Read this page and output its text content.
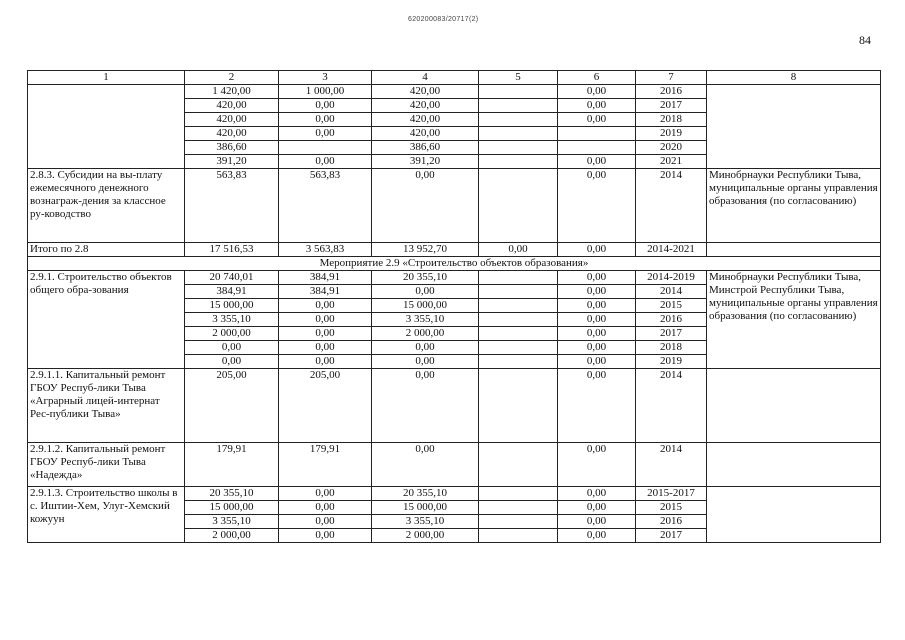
620200083/20717(2)
84
1	2	3	4	5	6	7	8
	1 420,00	1 000,00	420,00		0,00	2016	
	420,00	0,00	420,00		0,00	2017	
	420,00	0,00	420,00		0,00	2018	
	420,00	0,00	420,00			2019	
	386,60		386,60			2020	
	391,20	0,00	391,20		0,00	2021	
2.8.3. Субсидии на вы-плату ежемесячного денежного вознаграж-дения за классное ру-ководство	563,83	563,83	0,00		0,00	2014	Минобрнауки Республики Тыва, муниципальные органы управления образования (по согласованию)
Итого по 2.8	17 516,53	3 563,83	13 952,70	0,00	0,00	2014-2021	
Мероприятие 2.9 «Строительство объектов образования»							
2.9.1. Строительство объектов общего обра-зования	20 740,01	384,91	20 355,10		0,00	2014-2019	Минобрнауки Республики Тыва, Минстрой Республики Тыва, муниципальные органы управления образования (по согласованию)
	384,91	384,91	0,00		0,00	2014	
	15 000,00	0,00	15 000,00		0,00	2015	
	3 355,10	0,00	3 355,10		0,00	2016	
	2 000,00	0,00	2 000,00		0,00	2017	
	0,00	0,00	0,00		0,00	2018	
	0,00	0,00	0,00		0,00	2019	
2.9.1.1. Капитальный ремонт ГБОУ Респуб-лики Тыва «Аграрный лицей-интернат Рес-публики Тыва»	205,00	205,00	0,00		0,00	2014	
2.9.1.2. Капитальный ремонт ГБОУ Респуб-лики Тыва «Надежда»	179,91	179,91	0,00		0,00	2014	
2.9.1.3. Строительство школы в с. Иштии-Хем, Улуг-Хемский кожуун	20 355,10	0,00	20 355,10		0,00	2015-2017	
	15 000,00	0,00	15 000,00		0,00	2015	
	3 355,10	0,00	3 355,10		0,00	2016	
	2 000,00	0,00	2 000,00		0,00	2017	
